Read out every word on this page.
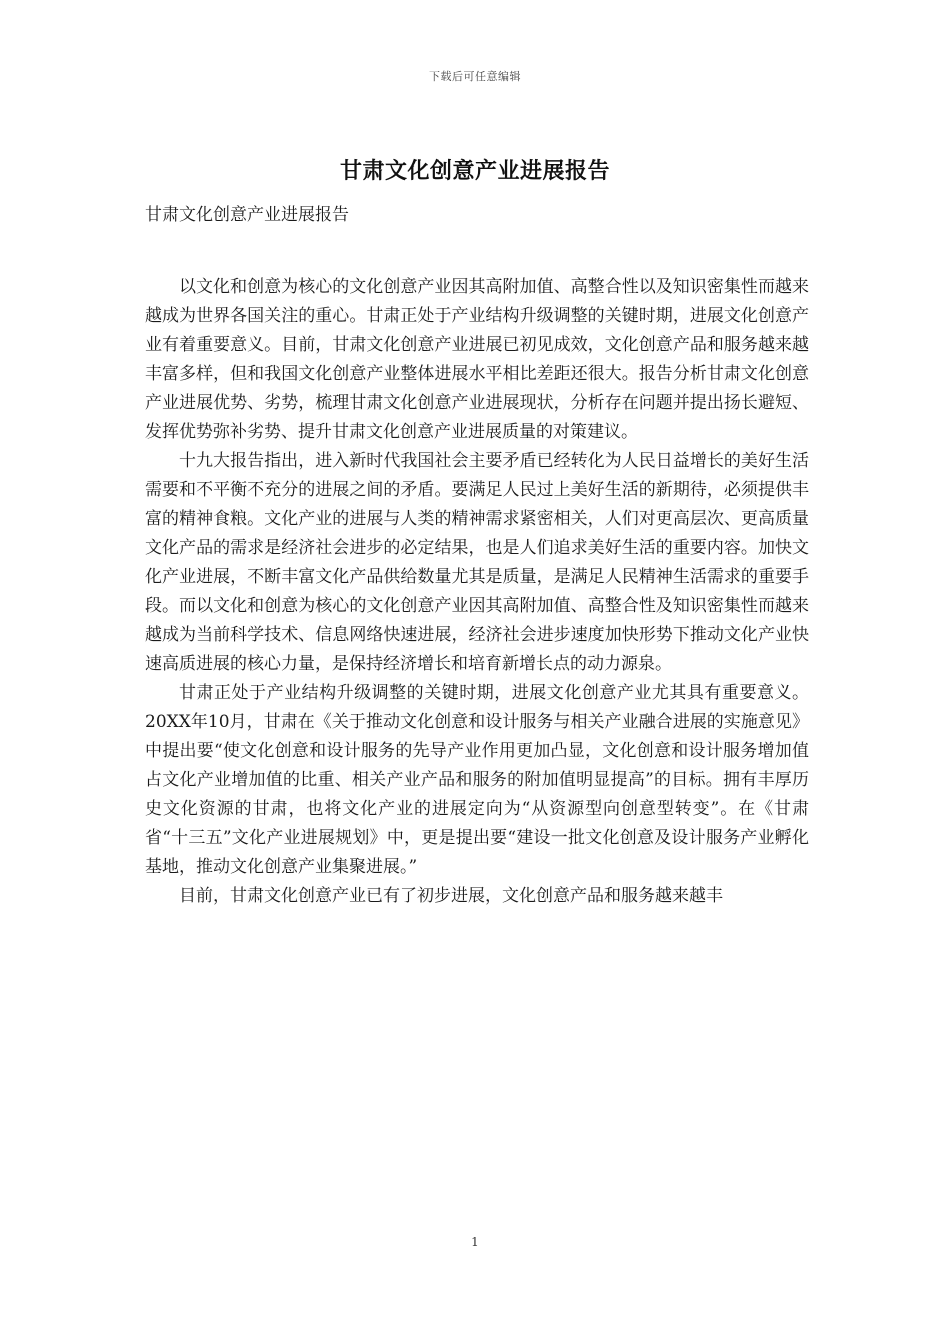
下载后可任意编辑
甘肃文化创意产业进展报告
甘肃文化创意产业进展报告

以文化和创意为核心的文化创意产业因其高附加值、高整合性以及知识密集性而越来越成为世界各国关注的重心。甘肃正处于产业结构升级调整的关键时期，进展文化创意产业有着重要意义。目前，甘肃文化创意产业进展已初见成效，文化创意产品和服务越来越丰富多样，但和我国文化创意产业整体进展水平相比差距还很大。报告分析甘肃文化创意产业进展优势、劣势，梳理甘肃文化创意产业进展现状，分析存在问题并提出扬长避短、发挥优势弥补劣势、提升甘肃文化创意产业进展质量的对策建议。

十九大报告指出，进入新时代我国社会主要矛盾已经转化为人民日益增长的美好生活需要和不平衡不充分的进展之间的矛盾。要满足人民过上美好生活的新期待，必须提供丰富的精神食粮。文化产业的进展与人类的精神需求紧密相关，人们对更高层次、更高质量文化产品的需求是经济社会进步的必定结果，也是人们追求美好生活的重要内容。加快文化产业进展，不断丰富文化产品供给数量尤其是质量，是满足人民精神生活需求的重要手段。而以文化和创意为核心的文化创意产业因其高附加值、高整合性及知识密集性而越来越成为当前科学技术、信息网络快速进展，经济社会进步速度加快形势下推动文化产业快速高质进展的核心力量，是保持经济增长和培育新增长点的动力源泉。

甘肃正处于产业结构升级调整的关键时期，进展文化创意产业尤其具有重要意义。20XX年10月，甘肃在《关于推动文化创意和设计服务与相关产业融合进展的实施意见》中提出要“使文化创意和设计服务的先导产业作用更加凸显，文化创意和设计服务增加值占文化产业增加值的比重、相关产业产品和服务的附加值明显提高”的目标。拥有丰厚历史文化资源的甘肃，也将文化产业的进展定向为“从资源型向创意型转变”。在《甘肃省“十三五”文化产业进展规划》中，更是提出要“建设一批文化创意及设计服务产业孵化基地，推动文化创意产业集聚进展。”

目前，甘肃文化创意产业已有了初步进展，文化创意产品和服务越来越丰

1
